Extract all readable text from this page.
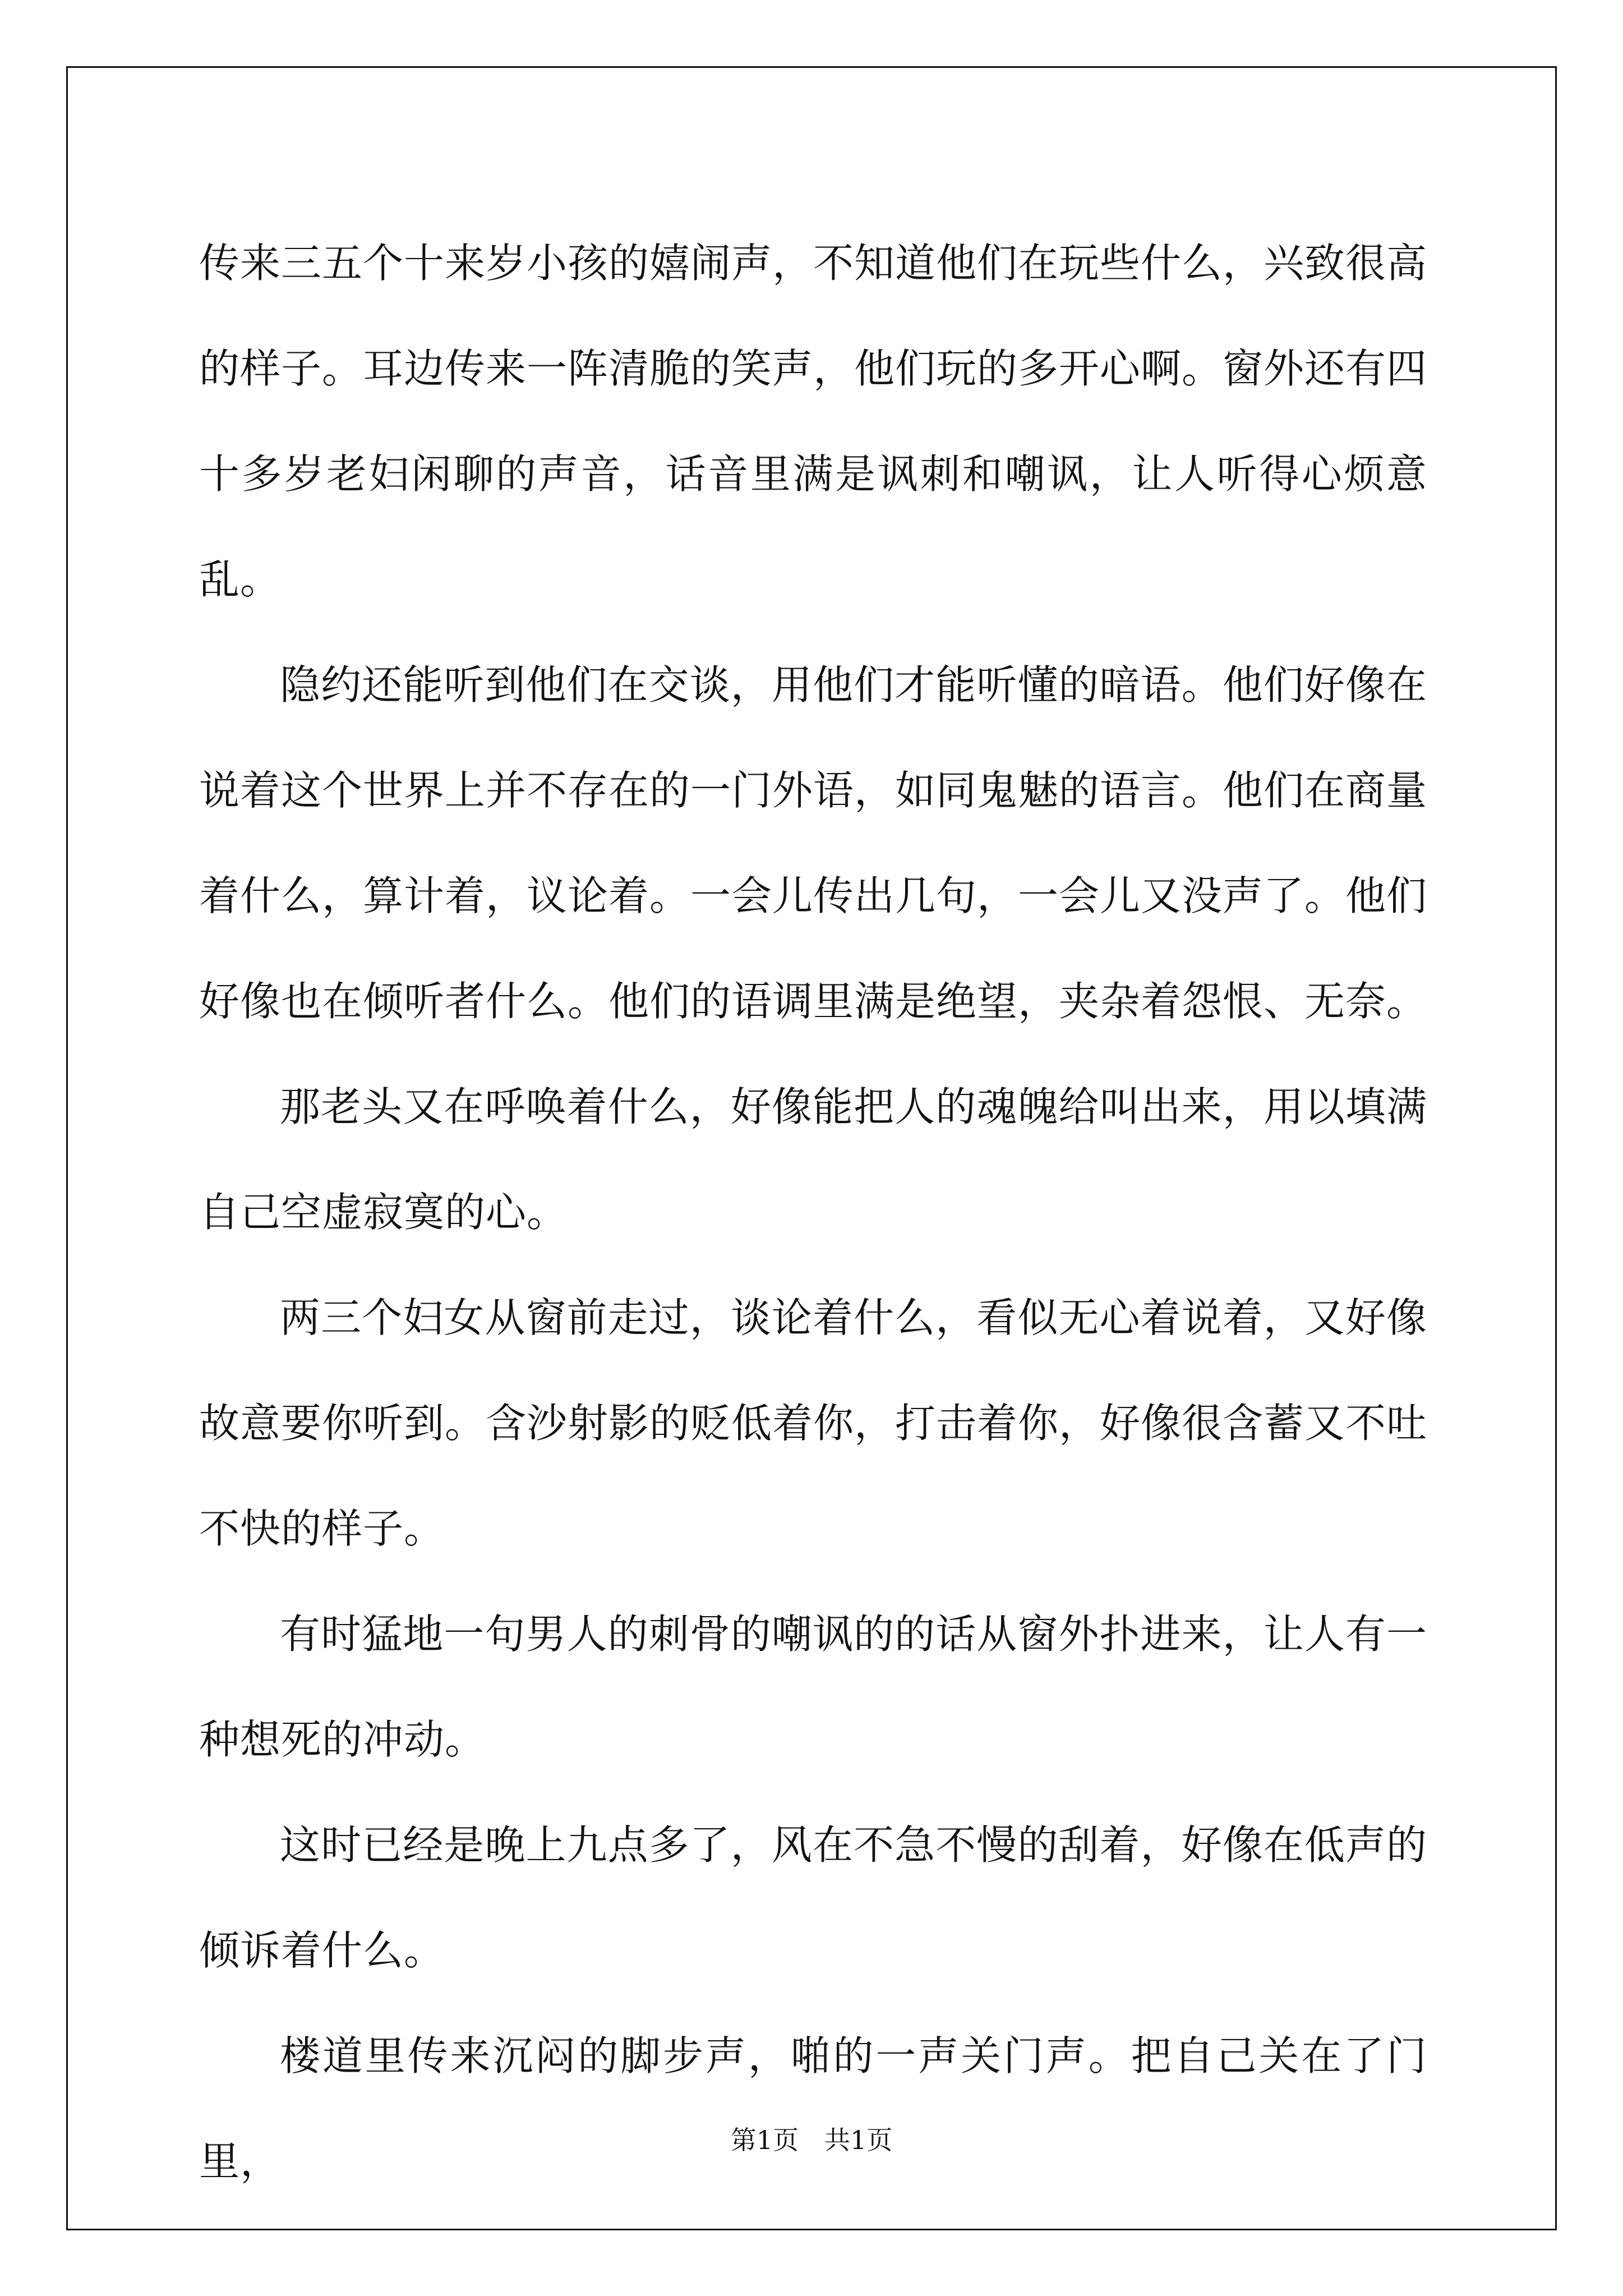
传来三五个十来岁小孩的嬉闹声，不知道他们在玩些什么，兴致很高的样子。耳边传来一阵清脆的笑声，他们玩的多开心啊。窗外还有四十多岁老妇闲聊的声音，话音里满是讽刺和嘲讽，让人听得心烦意乱。

隐约还能听到他们在交谈，用他们才能听懂的暗语。他们好像在说着这个世界上并不存在的一门外语，如同鬼魅的语言。他们在商量着什么，算计着，议论着。一会儿传出几句，一会儿又没声了。他们好像也在倾听者什么。他们的语调里满是绝望，夹杂着怨恨、无奈。

那老头又在呼唤着什么，好像能把人的魂魄给叫出来，用以填满自己空虚寂寞的心。

两三个妇女从窗前走过，谈论着什么，看似无心着说着，又好像故意要你听到。含沙射影的贬低着你，打击着你，好像很含蓄又不吐不快的样子。

有时猛地一句男人的刺骨的嘲讽的的话从窗外扑进来，让人有一种想死的冲动。

这时已经是晚上九点多了，风在不急不慢的刮着，好像在低声的倾诉着什么。

楼道里传来沉闷的脚步声，啪的一声关门声。把自己关在了门里，	第1页 共1页
